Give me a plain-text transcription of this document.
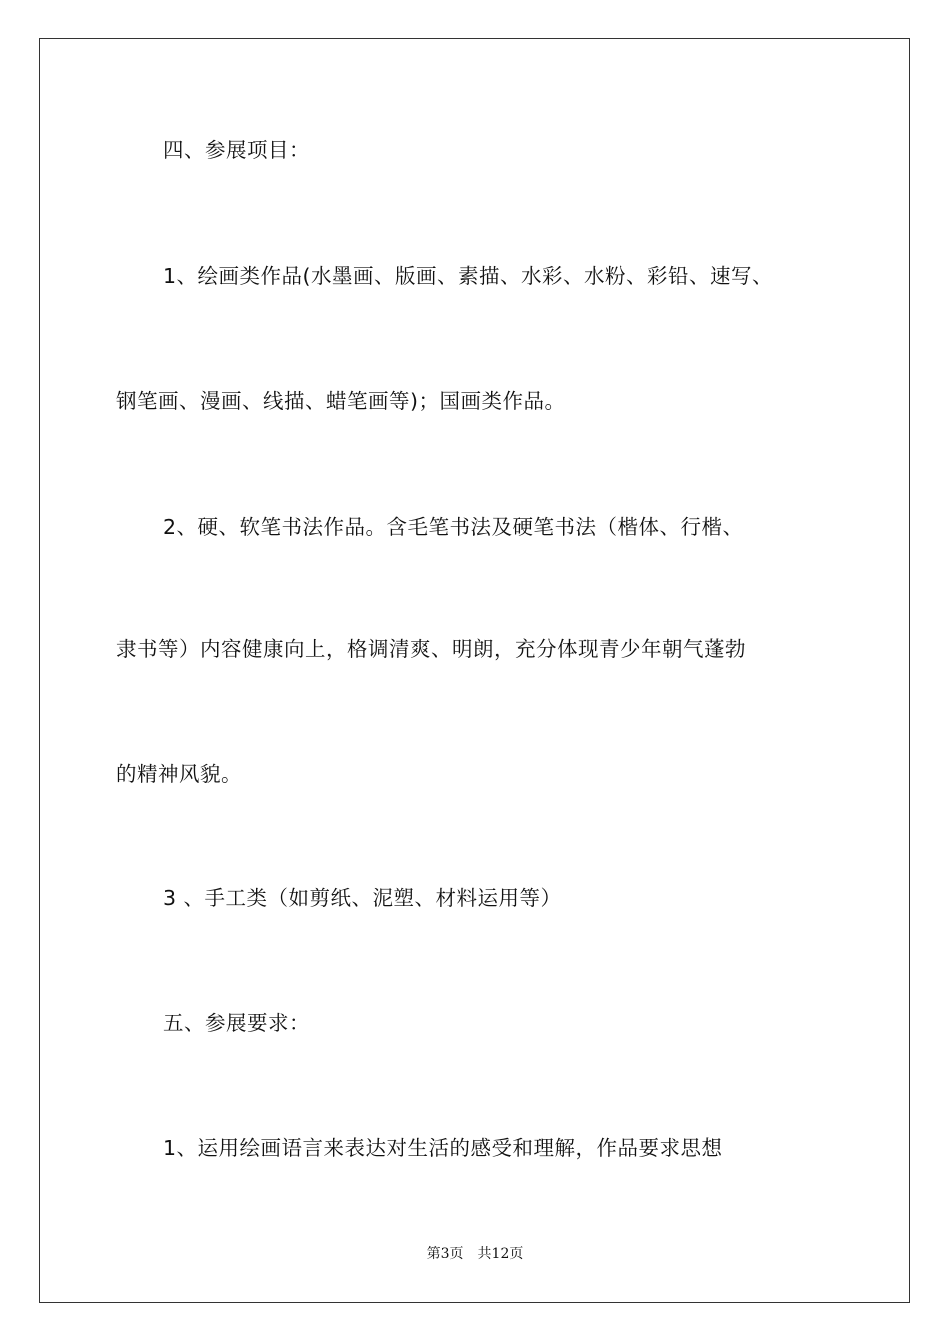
四、参展项目：
1、绘画类作品(水墨画、版画、素描、水彩、水粉、彩铅、速写、
钢笔画、漫画、线描、蜡笔画等)；国画类作品。
2、硬、软笔书法作品。含毛笔书法及硬笔书法（楷体、行楷、
隶书等）内容健康向上，格调清爽、明朗，充分体现青少年朝气蓬勃
的精神风貌。
3 、手工类（如剪纸、泥塑、材料运用等）
五、参展要求：
1、运用绘画语言来表达对生活的感受和理解，作品要求思想
第3页　共12页
